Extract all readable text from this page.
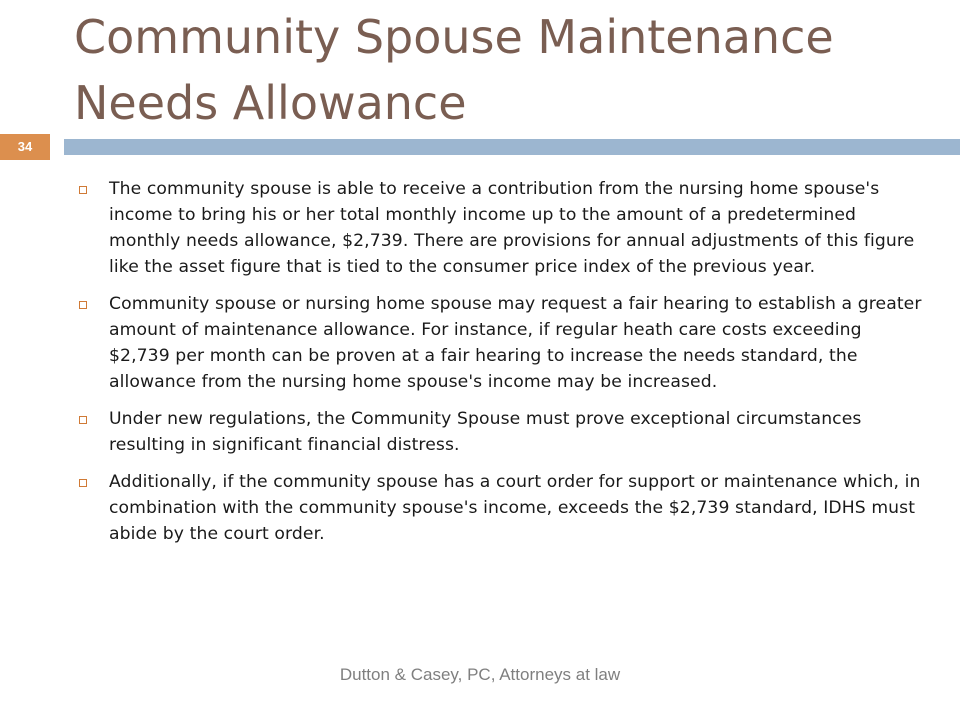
Community Spouse Maintenance Needs Allowance
34
The community spouse is able to receive a contribution from the nursing home spouse's income to bring his or her total monthly income up to the amount of a predetermined monthly needs allowance, $2,739. There are provisions for annual adjustments of this figure like the asset figure that is tied to the consumer price index of the previous year.
Community spouse or nursing home spouse may request a fair hearing to establish a greater amount of maintenance allowance. For instance, if regular heath care costs exceeding $2,739 per month can be proven at a fair hearing to increase the needs standard, the allowance from the nursing home spouse's income may be increased.
Under new regulations, the Community Spouse must prove exceptional circumstances resulting in significant financial distress.
Additionally, if the community spouse has a court order for support or maintenance which, in combination with the community spouse's income, exceeds the $2,739 standard, IDHS must abide by the court order.
Dutton & Casey, PC, Attorneys at law
